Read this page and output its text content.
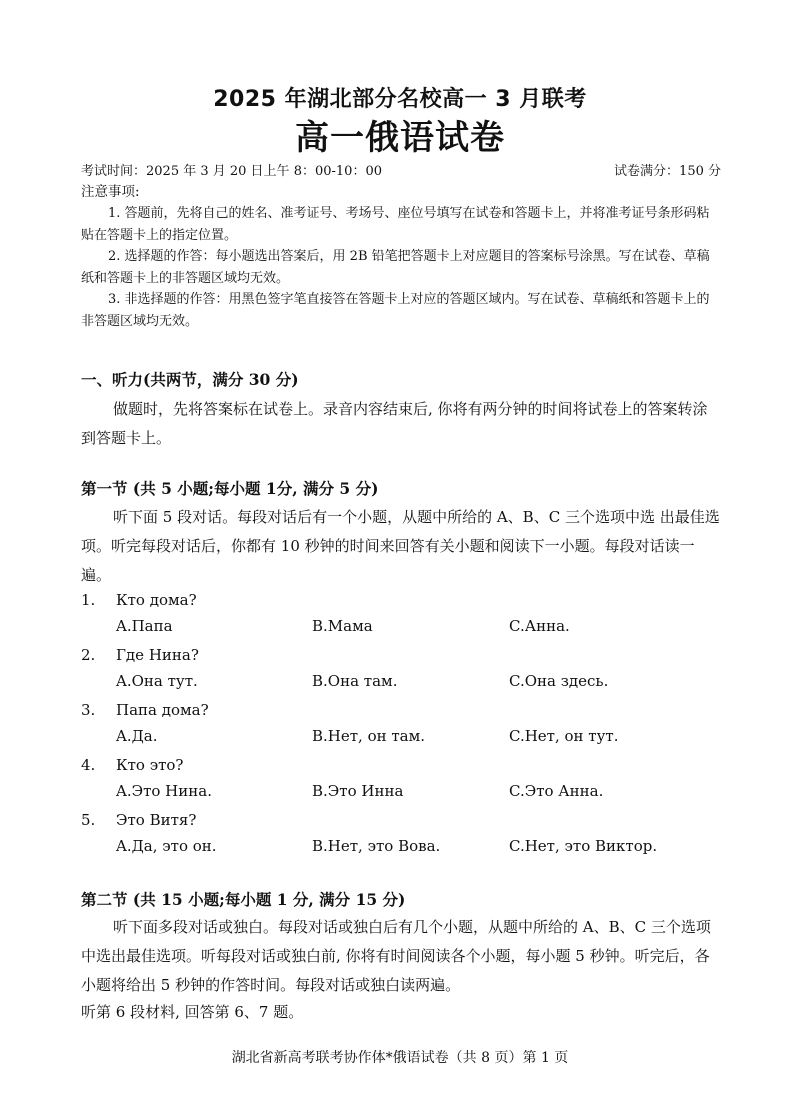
2025 年湖北部分名校高一 3 月联考
高一俄语试卷
考试时间：2025 年 3 月 20 日上午 8：00-10：00	试卷满分：150 分
注意事项:
1. 答题前，先将自己的姓名、准考证号、考场号、座位号填写在试卷和答题卡上，并将准考证号条形码粘贴在答题卡上的指定位置。
2. 选择题的作答：每小题选出答案后，用 2B 铅笔把答题卡上对应题目的答案标号涂黑。写在试卷、草稿纸和答题卡上的非答题区域均无效。
3. 非选择题的作答：用黑色签字笔直接答在答题卡上对应的答题区域内。写在试卷、草稿纸和答题卡上的非答题区域均无效。
一、听力(共两节，满分 30 分)
做题时，先将答案标在试卷上。录音内容结束后, 你将有两分钟的时间将试卷上的答案转涂到答题卡上。
第一节 (共 5 小题;每小题 1分, 满分 5 分)
听下面 5 段对话。每段对话后有一个小题，从题中所给的 A、B、C 三个选项中选 出最佳选项。听完每段对话后，你都有 10 秒钟的时间来回答有关小题和阅读下一小题。每段对话读一遍。
1. Кто дома?
A.Папа	B.Мама	C.Анна.
2. Где Нина?
A.Она тут.	B.Она там.	C.Она здесь.
3. Папа дома?
A.Да.	B.Нет, он там.	C.Нет, он тут.
4. Кто это?
A.Это Нина.	B.Это Инна	C.Это Анна.
5. Это Витя?
A.Да, это он.	B.Нет, это Вова.	C.Нет, это Виктор.
第二节 (共 15 小题;每小题 1 分, 满分 15 分)
听下面多段对话或独白。每段对话或独白后有几个小题，从题中所给的 A、B、C 三个选项中选出最佳选项。听每段对话或独白前, 你将有时间阅读各个小题，每小题 5 秒钟。听完后，各小题将给出 5 秒钟的作答时间。每段对话或独白读两遍。
听第 6 段材料, 回答第 6、7 题。
湖北省新高考联考协作体*俄语试卷（共 8 页）第 1 页
